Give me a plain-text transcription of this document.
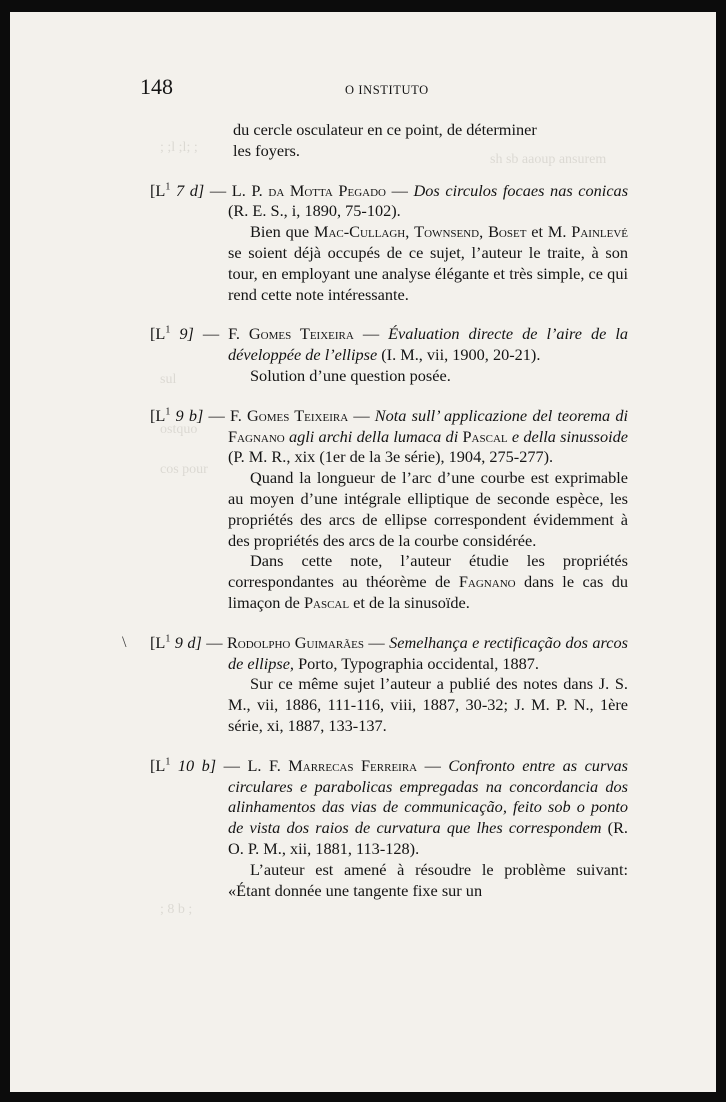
; ;l ;l; ;
sh sb aaoup ansurem
sul
ostquo
cos pour
; 8 b ;
148	O INSTITUTO
\

du cercle osculateur en ce point, de déterminer

les foyers.

[$L^1$ 7 d] — L. P. da Motta Pegado — Dos circulos focaes nas conicas (R. E. S., i, 1890, 75-102).

Bien que Mac-Cullagh, Townsend, Boset et M. Painlevé se soient déjà occupés de ce sujet, l’auteur le traite, à son tour, en employant une analyse élégante et très simple, ce qui rend cette note intéressante.

[$L^1$ 9] — F. Gomes Teixeira — Évaluation directe de l’aire de la développée de l’ellipse (I. M., vii, 1900, 20-21).

Solution d’une question posée.

[$L^1$ 9 b] — F. Gomes Teixeira — Nota sull’ applicazione del teorema di Fagnano agli archi della lumaca di Pascal e della sinussoide (P. M. R., xix (1er de la 3e série), 1904, 275-277).

Quand la longueur de l’arc d’une courbe est exprimable au moyen d’une intégrale elliptique de seconde espèce, les propriétés des arcs de ellipse correspondent évidemment à des propriétés des arcs de la courbe considérée.

Dans cette note, l’auteur étudie les propriétés correspondantes au théorème de Fagnano dans le cas du limaçon de Pascal et de la sinusoïde.

[$L^1$ 9 d] — Rodolpho Guimarães — Semelhança e rectificação dos arcos de ellipse, Porto, Typographia occidental, 1887.

Sur ce même sujet l’auteur a publié des notes dans J. S. M., vii, 1886, 111-116, viii, 1887, 30-32; J. M. P. N., 1ère série, xi, 1887, 133-137.

[$L^1$ 10 b] — L. F. Marrecas Ferreira — Confronto entre as curvas circulares e parabolicas empregadas na concordancia dos alinhamentos das vias de communicação, feito sob o ponto de vista dos raios de curvatura que lhes correspondem (R. O. P. M., xii, 1881, 113-128).

L’auteur est amené à résoudre le problème suivant: «Étant donnée une tangente fixe sur un
